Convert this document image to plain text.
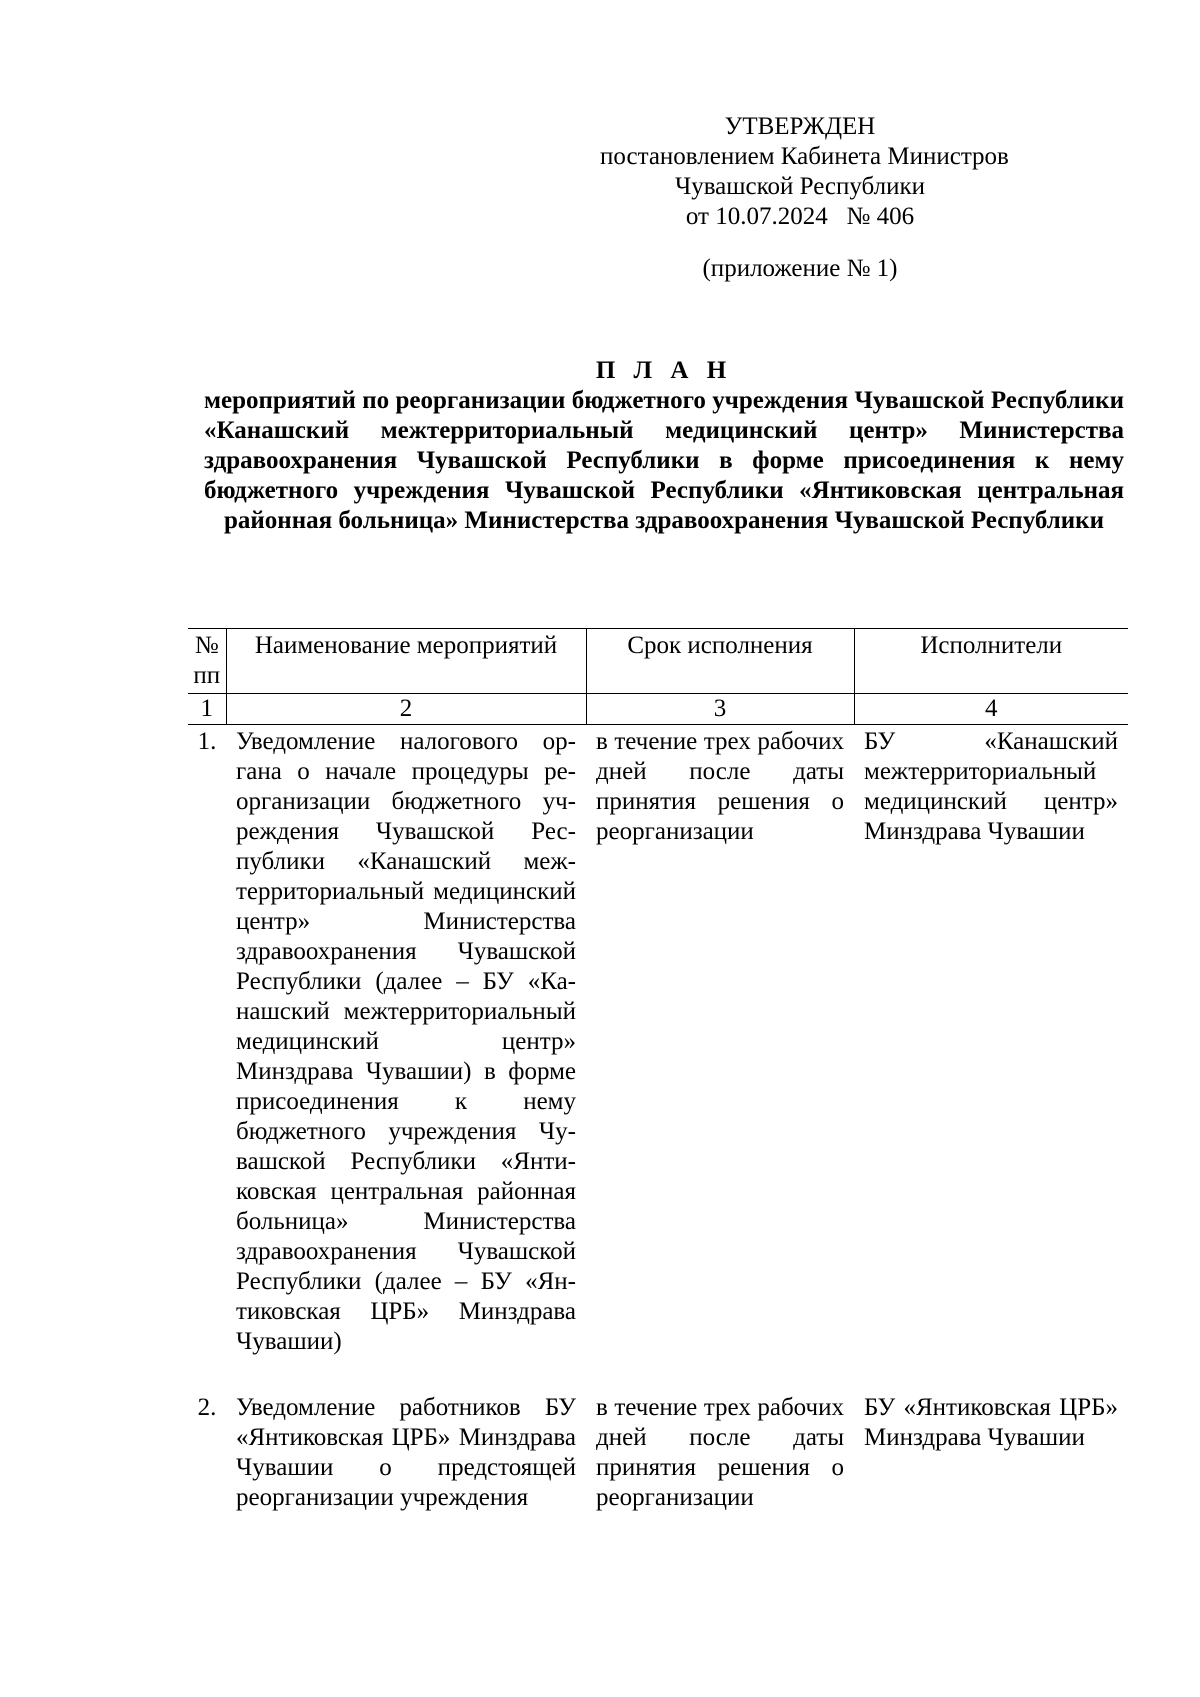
УТВЕРЖДЕН
постановлением Кабинета Министров
Чувашской Республики
от 10.07.2024   № 406
(приложение № 1)
П Л А Н
мероприятий по реорганизации бюджетного учреждения Чувашской Республики «Канашский межтерриториальный медицинский центр» Министерства здравоохранения Чувашской Республики в форме присоединения к нему бюджетного учреждения Чувашской Республики «Янтиковская центральная районная больница» Министерства здравоохранения Чувашской Республики
№ пп	Наименование мероприятий	Срок исполнения	Исполнители
1	2	3	4
1.	Уведомление налогового органа о начале процедуры реорганизации бюджетного учреждения Чувашской Республики «Канашский межтерриториальный медицинский центр» Министерства здравоохранения Чувашской Республики (далее – БУ «Канашский межтерриториальный медицинский центр» Минздрава Чувашии) в форме присоединения к нему бюджетного учреждения Чувашской Республики «Янтиковская центральная районная больница» Министерства здравоохранения Чувашской Республики (далее – БУ «Янтиковская ЦРБ» Минздрава Чувашии)	в течение трех рабочих дней после даты принятия решения о реорганизации	БУ «Канашский межтерриториальный медицинский центр» Минздрава Чувашии
2.	Уведомление работников БУ «Янтиковская ЦРБ» Минздрава Чувашии о предстоящей реорганизации учреждения	в течение трех рабочих дней после даты принятия решения о реорганизации	БУ «Янтиковская ЦРБ» Минздрава Чувашии
